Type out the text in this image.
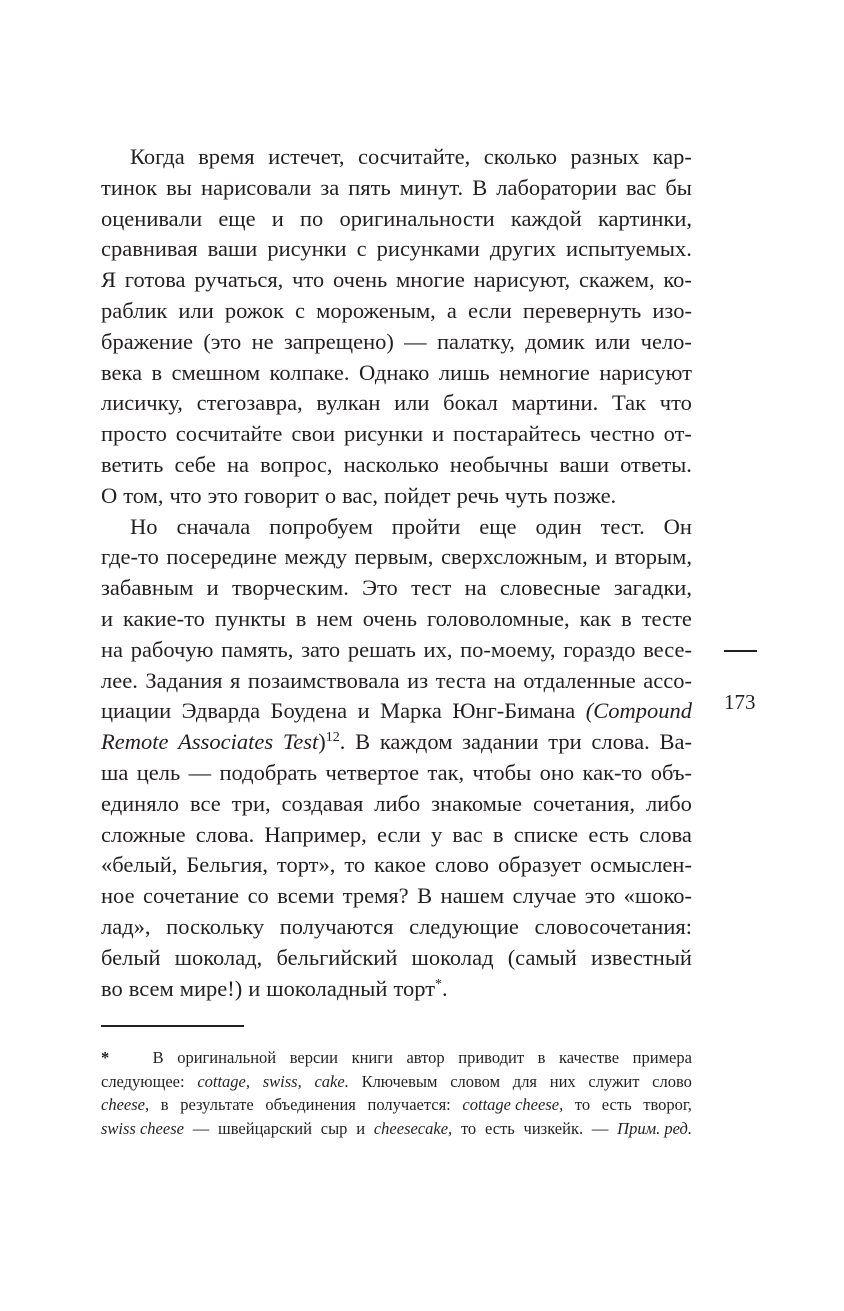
Когда время истечет, сосчитайте, сколько разных кар-
тинок вы нарисовали за пять минут. В лаборатории вас бы
оценивали еще и по оригинальности каждой картинки,
сравнивая ваши рисунки с рисунками других испытуемых.
Я готова ручаться, что очень многие нарисуют, скажем, ко-
раблик или рожок с мороженым, а если перевернуть изо-
бражение (это не запрещено) — палатку, домик или чело-
века в смешном колпаке. Однако лишь немногие нарисуют
лисичку, стегозавра, вулкан или бокал мартини. Так что
просто сосчитайте свои рисунки и постарайтесь честно от-
ветить себе на вопрос, насколько необычны ваши ответы.
О том, что это говорит о вас, пойдет речь чуть позже.
Но сначала попробуем пройти еще один тест. Он
где-то посередине между первым, сверхсложным, и вторым,
забавным и творческим. Это тест на словесные загадки,
и какие-то пункты в нем очень головоломные, как в тесте
на рабочую память, зато решать их, по-моему, гораздо весе-
лее. Задания я позаимствовала из теста на отдаленные ассо-
циации Эдварда Боудена и Марка Юнг-Бимана (Compound
Remote Associates Test)$^{12}$. В каждом задании три слова. Ва-
ша цель — подобрать четвертое так, чтобы оно как-то объ-
единяло все три, создавая либо знакомые сочетания, либо
сложные слова. Например, если у вас в списке есть слова
«белый, Бельгия, торт», то какое слово образует осмыслен-
ное сочетание со всеми тремя? В нашем случае это «шоко-
лад», поскольку получаются следующие словосочетания:
белый шоколад, бельгийский шоколад (самый известный
во всем мире!) и шоколадный торт*.
173
*	В оригинальной версии книги автор приводит в качестве примера
следующее: cottage, swiss, cake. Ключевым словом для них служит слово
cheese, в результате объединения получается: cottage cheese, то есть творог,
swiss cheese — швейцарский сыр и cheesecake, то есть чизкейк. — Прим. ред.
